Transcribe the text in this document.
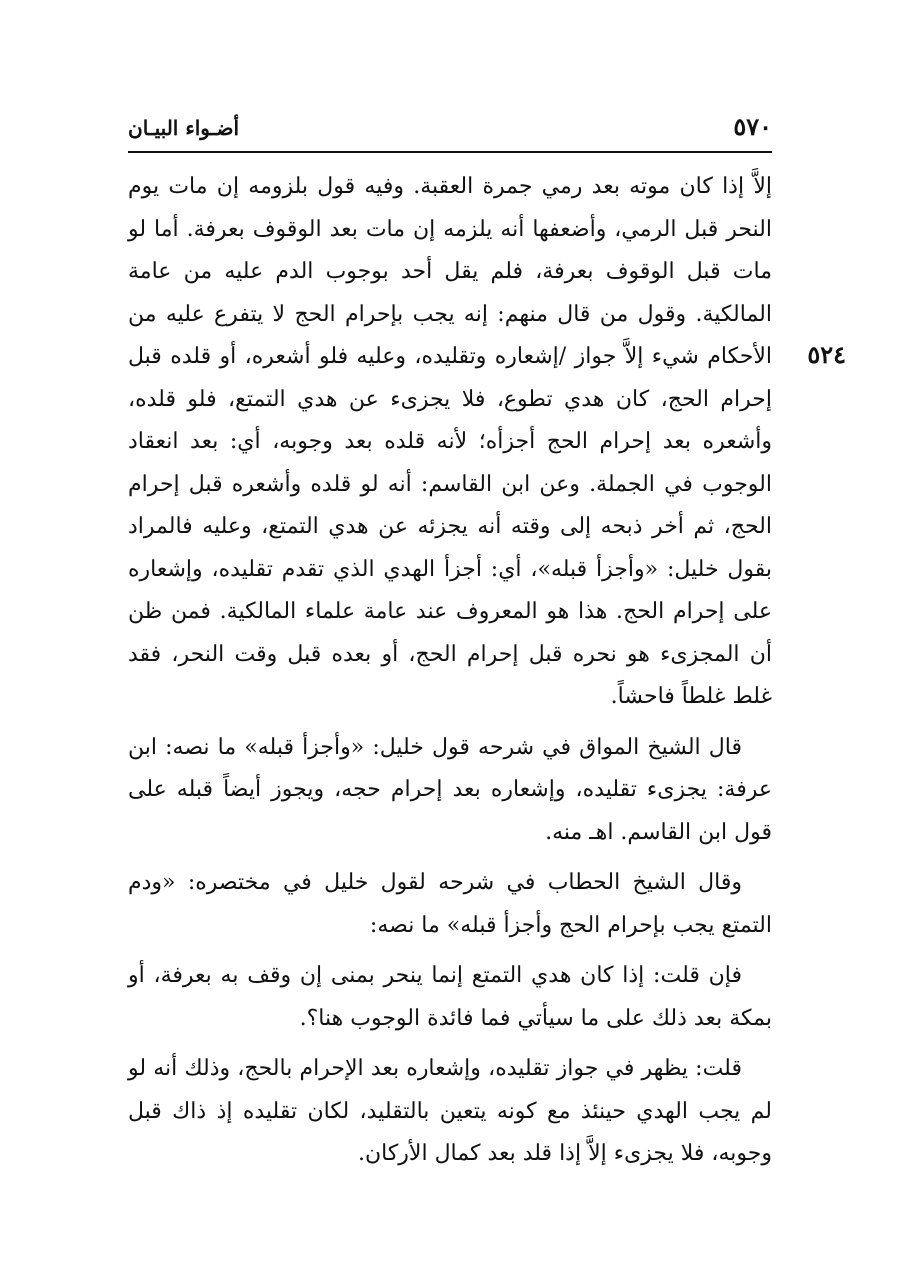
٥٧٠
أضـواء البيـان
٥٢٤

إلاَّ إذا كان موته بعد رمي جمرة العقبة. وفيه قول بلزومه إن مات يوم النحر قبل الرمي، وأضعفها أنه يلزمه إن مات بعد الوقوف بعرفة. أما لو مات قبل الوقوف بعرفة، فلم يقل أحد بوجوب الدم عليه من عامة المالكية. وقول من قال منهم: إنه يجب بإحرام الحج لا يتفرع عليه من الأحكام شيء إلاَّ جواز /إشعاره وتقليده، وعليه فلو أشعره، أو قلده قبل إحرام الحج، كان هدي تطوع، فلا يجزىء عن هدي التمتع، فلو قلده، وأشعره بعد إحرام الحج أجزأه؛ لأنه قلده بعد وجوبه، أي: بعد انعقاد الوجوب في الجملة. وعن ابن القاسم: أنه لو قلده وأشعره قبل إحرام الحج، ثم أخر ذبحه إلى وقته أنه يجزئه عن هدي التمتع، وعليه فالمراد بقول خليل: «وأجزأ قبله»، أي: أجزأ الهدي الذي تقدم تقليده، وإشعاره على إحرام الحج. هذا هو المعروف عند عامة علماء المالكية. فمن ظن أن المجزىء هو نحره قبل إحرام الحج، أو بعده قبل وقت النحر، فقد غلط غلطاً فاحشاً.

قال الشيخ المواق في شرحه قول خليل: «وأجزأ قبله» ما نصه: ابن عرفة: يجزىء تقليده، وإشعاره بعد إحرام حجه، ويجوز أيضاً قبله على قول ابن القاسم. اهـ منه.

وقال الشيخ الحطاب في شرحه لقول خليل في مختصره: «ودم التمتع يجب بإحرام الحج وأجزأ قبله» ما نصه:

فإن قلت: إذا كان هدي التمتع إنما ينحر بمنى إن وقف به بعرفة، أو بمكة بعد ذلك على ما سيأتي فما فائدة الوجوب هنا؟.

قلت: يظهر في جواز تقليده، وإشعاره بعد الإحرام بالحج، وذلك أنه لو لم يجب الهدي حينئذ مع كونه يتعين بالتقليد، لكان تقليده إذ ذاك قبل وجوبه، فلا يجزىء إلاَّ إذا قلد بعد كمال الأركان.
